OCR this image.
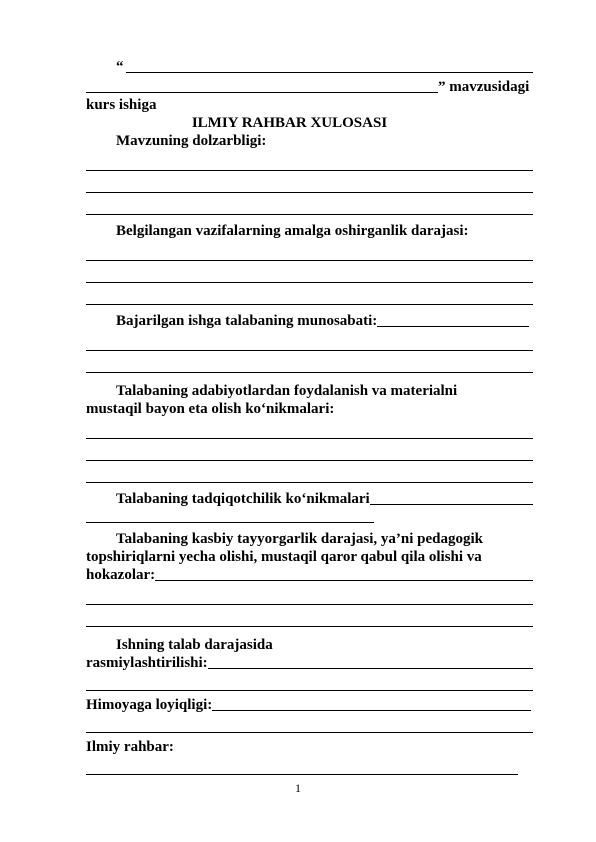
“
” mavzusidagi
kurs ishiga
ILMIY RAHBAR XULOSASI
Mavzuning dolzarbligi:
Belgilangan vazifalarning amalga oshirganlik darajasi:
Bajarilgan ishga talabaning munosabati:
Talabaning adabiyotlardan foydalanish va materialni
mustaqil bayon eta olish ko‘nikmalari:
Talabaning tadqiqotchilik ko‘nikmalari
Talabaning kasbiy tayyorgarlik darajasi, ya’ni pedagogik
topshiriqlarni yecha olishi, mustaqil qaror qabul qila olishi va
hokazolar:
Ishning talab darajasida
rasmiylashtirilishi:
Himoyaga loyiqligi:
Ilmiy rahbar:
1
